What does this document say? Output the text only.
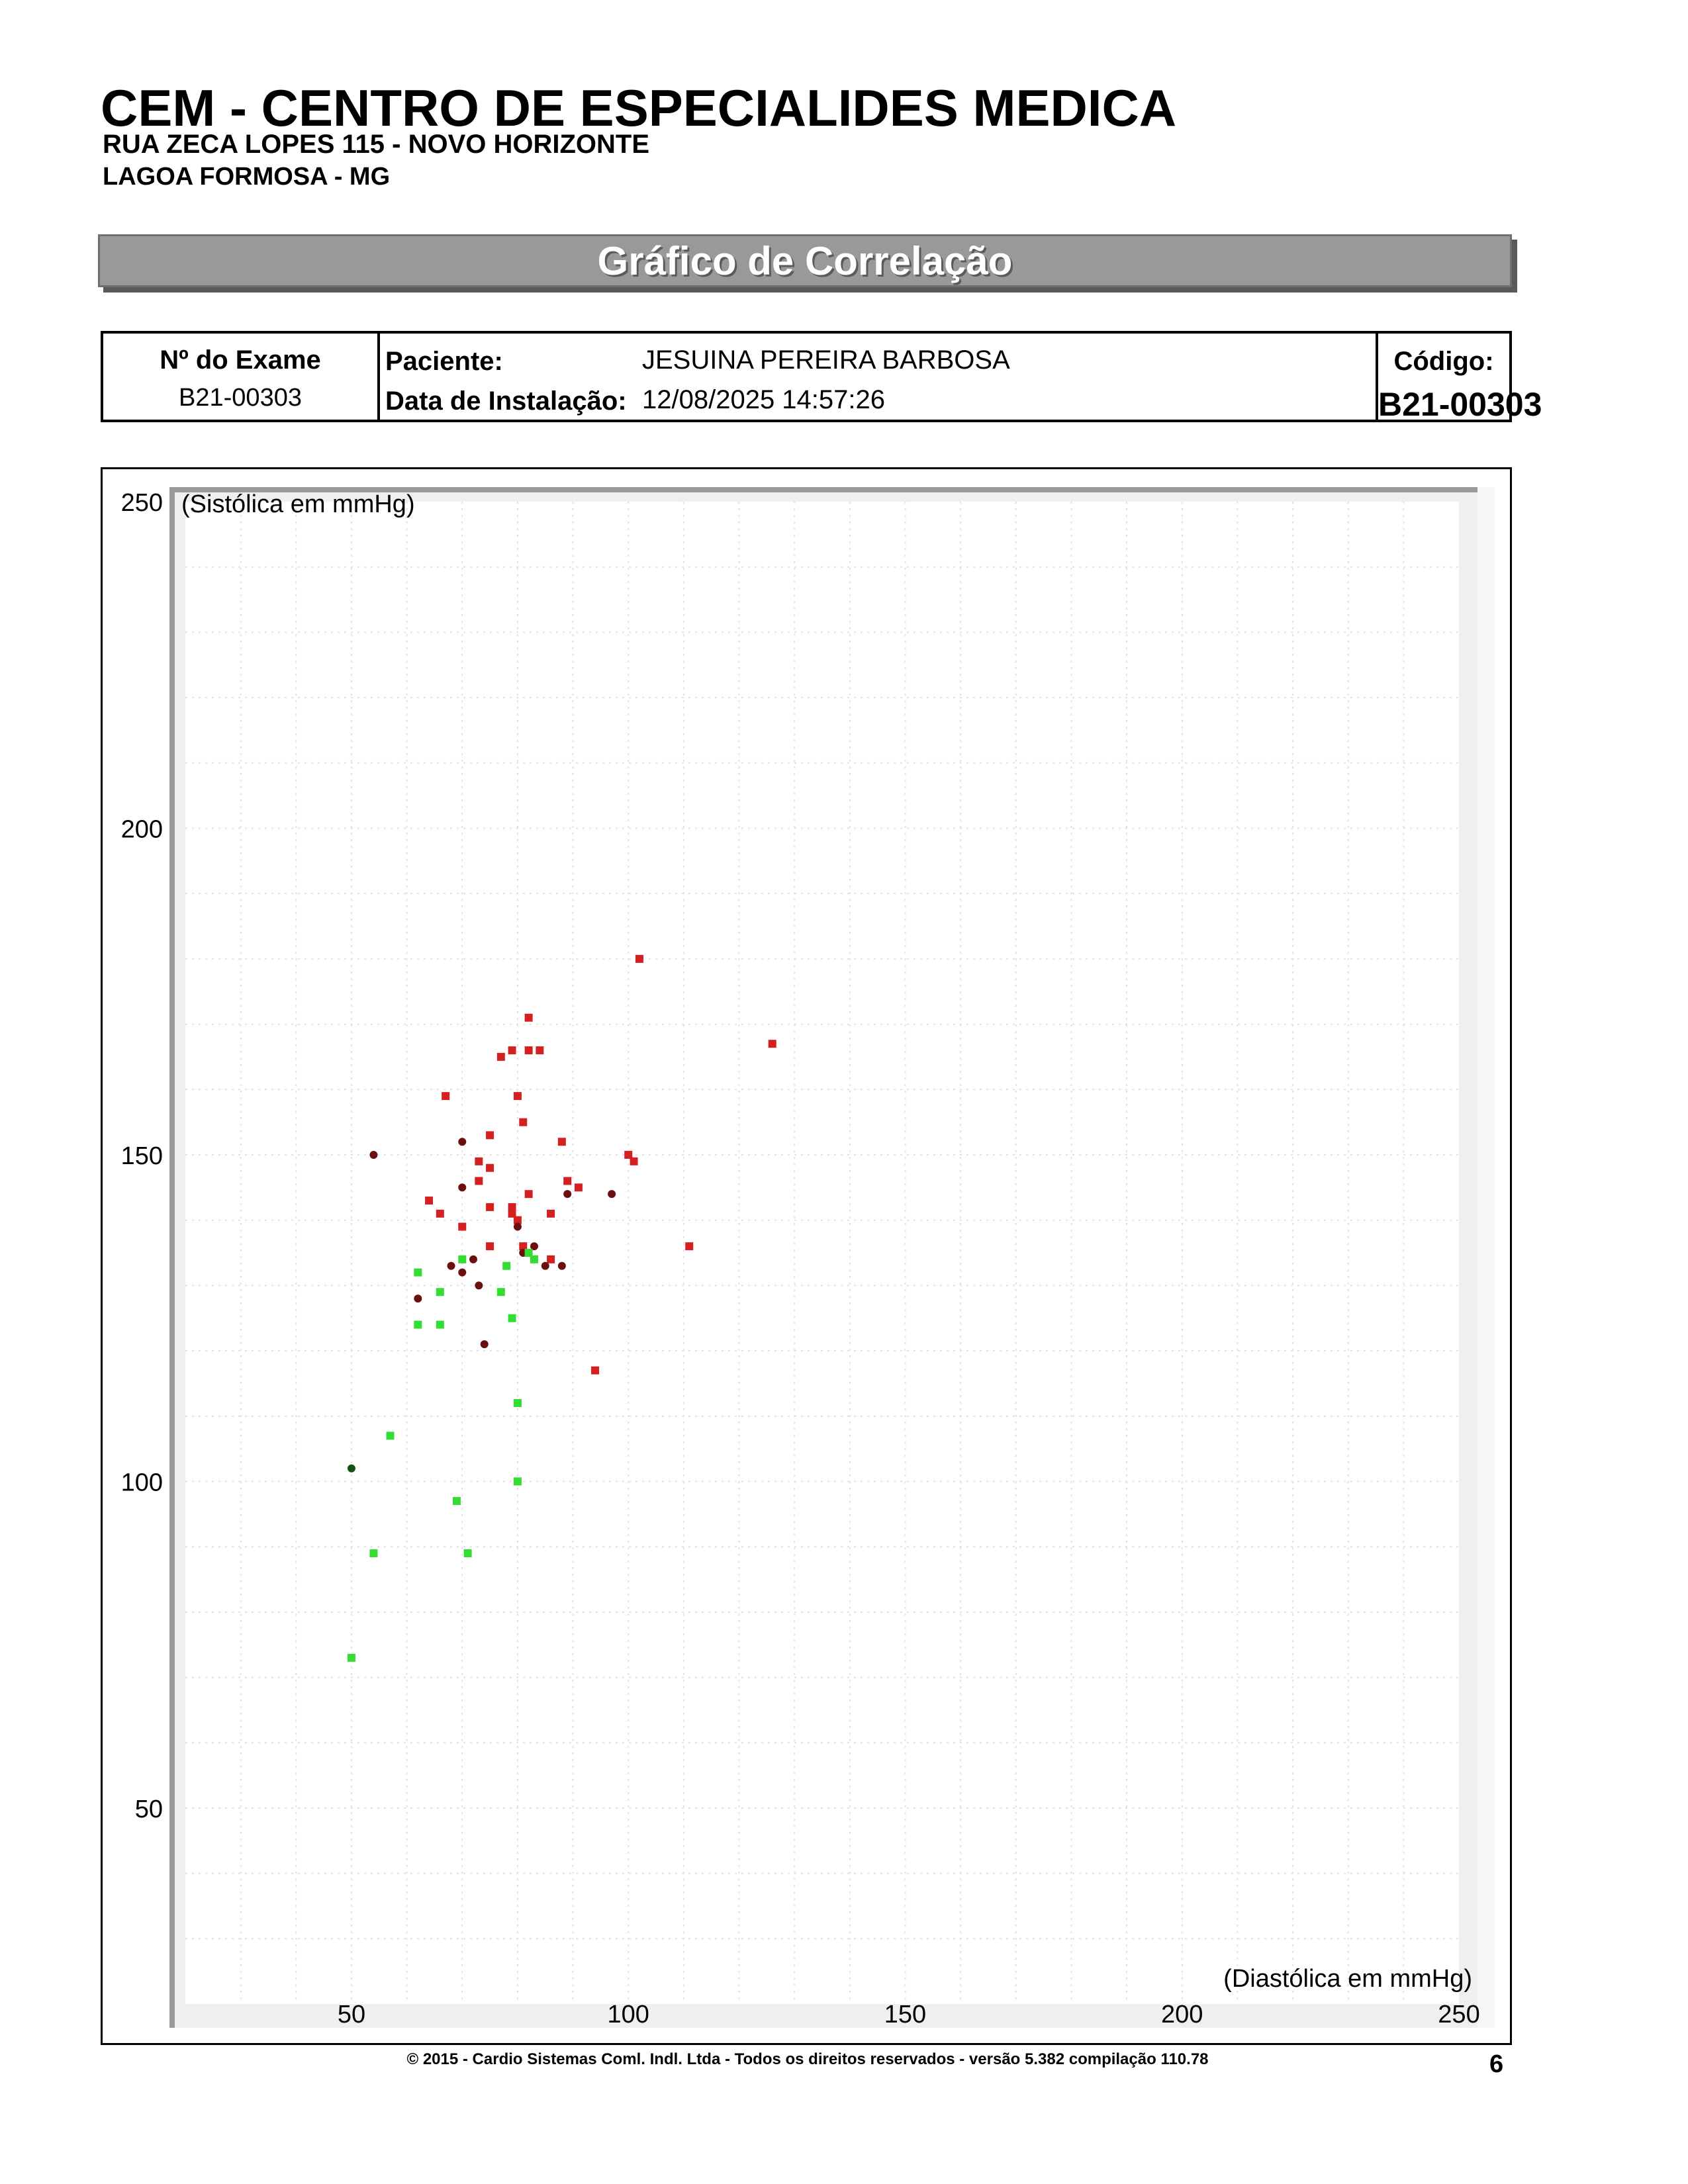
CEM - CENTRO DE ESPECIALIDES MEDICA
RUA ZECA LOPES 115 - NOVO HORIZONTE
LAGOA FORMOSA - MG
Gráfico de Correlação
Nº do Exame
B21-00303
Paciente:	JESUINA PEREIRA BARBOSA
Data de Instalação: 12/08/2025 14:57:26
Código:
B21-00303
50	100	150	200	250
50
100
150
200
250 (Sistólica em mmHg)
(Diastólica em mmHg)
© 2015 - Cardio Sistemas Coml. Indl. Ltda - Todos os direitos reservados - versão 5.382 compilação 110.78	6
